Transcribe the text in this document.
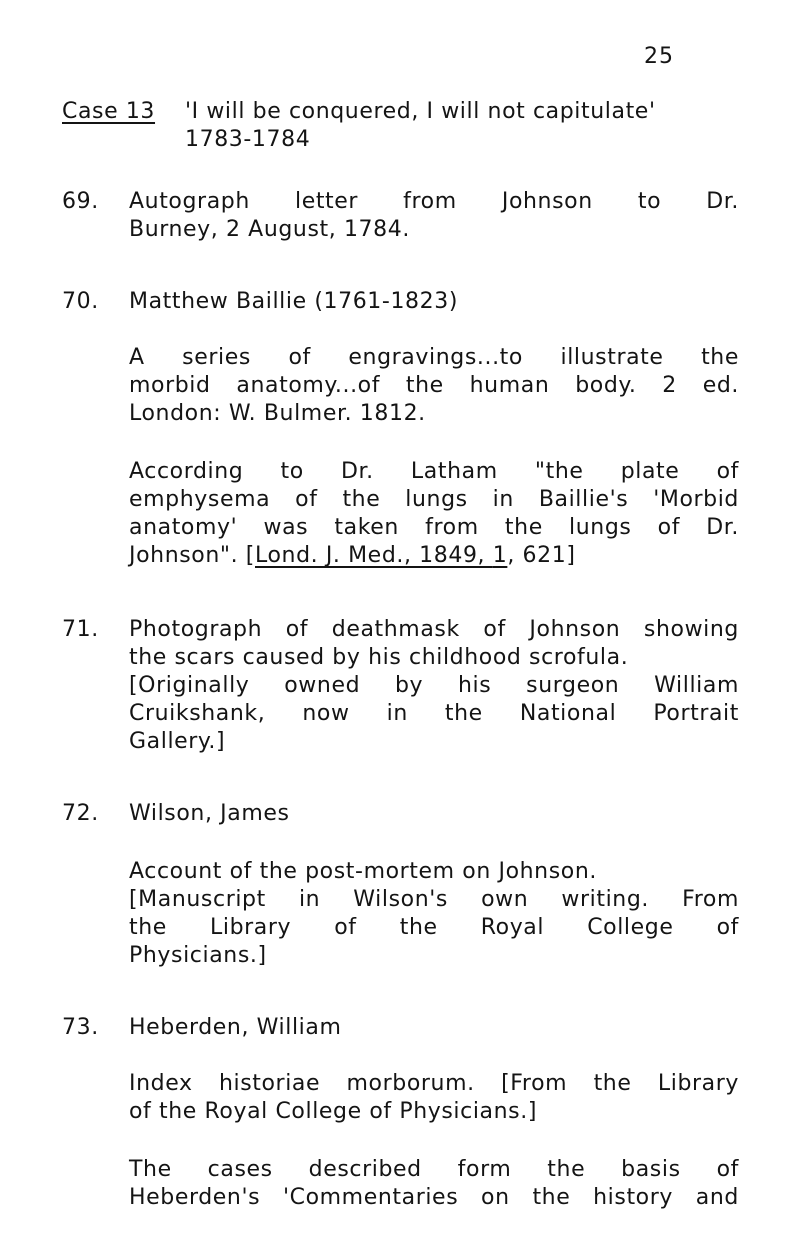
25
Case 13 'I will be conquered, I will not capitulate'
1783-1784
69. Autograph letter from Johnson to Dr.
Burney, 2 August, 1784.
70. Matthew Baillie (1761-1823)
A series of engravings...to illustrate the
morbid anatomy...of the human body. 2 ed.
London: W. Bulmer. 1812.
According to Dr. Latham "the plate of
emphysema of the lungs in Baillie's 'Morbid
anatomy' was taken from the lungs of Dr.
Johnson". [Lond. J. Med., 1849, 1, 621]
71. Photograph of deathmask of Johnson showing
the scars caused by his childhood scrofula.
[Originally owned by his surgeon William
Cruikshank, now in the National Portrait
Gallery.]
72. Wilson, James
Account of the post-mortem on Johnson.
[Manuscript in Wilson's own writing. From
the Library of the Royal College of
Physicians.]
73. Heberden, William
Index historiae morborum. [From the Library
of the Royal College of Physicians.]
The cases described form the basis of
Heberden's 'Commentaries on the history and
